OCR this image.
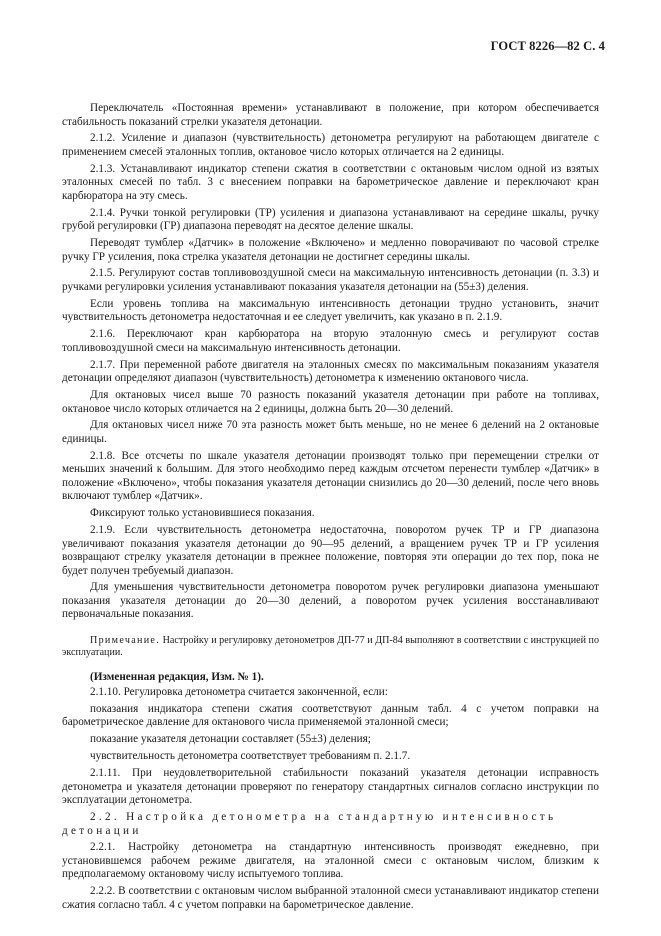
ГОСТ 8226—82 С. 4

Переключатель «Постоянная времени» устанавливают в положение, при котором обеспечивается стабильность показаний стрелки указателя детонации.

2.1.2. Усиление и диапазон (чувствительность) детонометра регулируют на работающем двигателе с применением смесей эталонных топлив, октановое число которых отличается на 2 единицы.

2.1.3. Устанавливают индикатор степени сжатия в соответствии с октановым числом одной из взятых эталонных смесей по табл. 3 с внесением поправки на барометрическое давление и переключают кран карбюратора на эту смесь.

2.1.4. Ручки тонкой регулировки (ТР) усиления и диапазона устанавливают на середине шкалы, ручку грубой регулировки (ГР) диапазона переводят на десятое деление шкалы.

Переводят тумблер «Датчик» в положение «Включено» и медленно поворачивают по часовой стрелке ручку ГР усиления, пока стрелка указателя детонации не достигнет середины шкалы.

2.1.5. Регулируют состав топливовоздушной смеси на максимальную интенсивность детонации (п. 3.3) и ручками регулировки усиления устанавливают показания указателя детонации на (55±3) деления.

Если уровень топлива на максимальную интенсивность детонации трудно установить, значит чувствительность детонометра недостаточная и ее следует увеличить, как указано в п. 2.1.9.

2.1.6. Переключают кран карбюратора на вторую эталонную смесь и регулируют состав топливовоздушной смеси на максимальную интенсивность детонации.

2.1.7. При переменной работе двигателя на эталонных смесях по максимальным показаниям указателя детонации определяют диапазон (чувствительность) детонометра к изменению октанового числа.

Для октановых чисел выше 70 разность показаний указателя детонации при работе на топливах, октановое число которых отличается на 2 единицы, должна быть 20—30 делений.

Для октановых чисел ниже 70 эта разность может быть меньше, но не менее 6 делений на 2 октановые единицы.

2.1.8. Все отсчеты по шкале указателя детонации производят только при перемещении стрелки от меньших значений к большим. Для этого необходимо перед каждым отсчетом перенести тумблер «Датчик» в положение «Включено», чтобы показания указателя детонации снизились до 20—30 делений, после чего вновь включают тумблер «Датчик».

Фиксируют только установившиеся показания.

2.1.9. Если чувствительность детонометра недостаточна, поворотом ручек ТР и ГР диапазона увеличивают показания указателя детонации до 90—95 делений, а вращением ручек ТР и ГР усиления возвращают стрелку указателя детонации в прежнее положение, повторяя эти операции до тех пор, пока не будет получен требуемый диапазон.

Для уменьшения чувствительности детонометра поворотом ручек регулировки диапазона уменьшают показания указателя детонации до 20—30 делений, а поворотом ручек усиления восстанавливают первоначальные показания.

Примечание. Настройку и регулировку детонометров ДП-77 и ДП-84 выполняют в соответствии с инструкцией по эксплуатации.

(Измененная редакция, Изм. № 1).

2.1.10. Регулировка детонометра считается законченной, если:

показания индикатора степени сжатия соответствуют данным табл. 4 с учетом поправки на барометрическое давление для октанового числа применяемой эталонной смеси;

показание указателя детонации составляет (55±3) деления;

чувствительность детонометра соответствует требованиям п. 2.1.7.

2.1.11. При неудовлетворительной стабильности показаний указателя детонации исправность детонометра и указателя детонации проверяют по генератору стандартных сигналов согласно инструкции по эксплуатации детонометра.

2.2. Настройка детонометра на стандартную интенсивность

детонации

2.2.1. Настройку детонометра на стандартную интенсивность производят ежедневно, при установившемся рабочем режиме двигателя, на эталонной смеси с октановым числом, близким к предполагаемому октановому числу испытуемого топлива.

2.2.2. В соответствии с октановым числом выбранной эталонной смеси устанавливают индикатор степени сжатия согласно табл. 4 с учетом поправки на барометрическое давление.
